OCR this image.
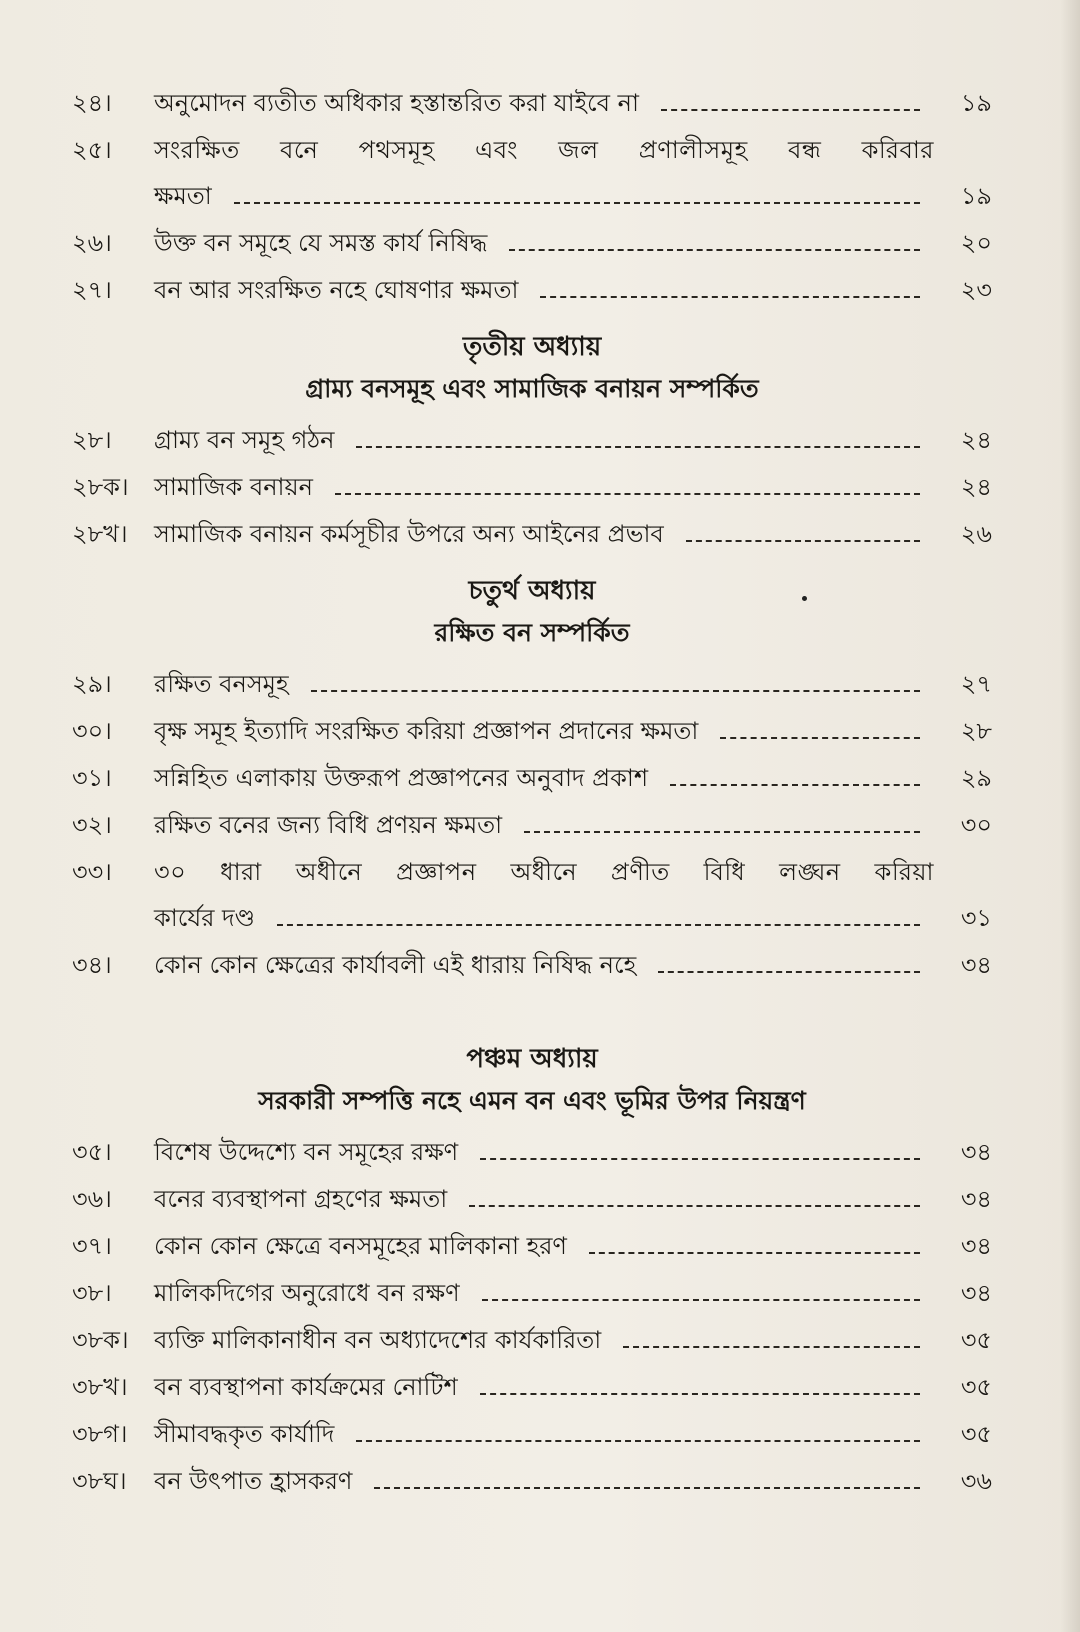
২৪।	অনুমোদন ব্যতীত অধিকার হস্তান্তরিত করা যাইবে না	১৯
২৫।	সংরক্ষিত বনে পথসমূহ এবং জল প্রণালীসমূহ বন্ধ করিবার
ক্ষমতা	১৯
২৬।	উক্ত বন সমূহে যে সমস্ত কার্য নিষিদ্ধ	২০
২৭।	বন আর সংরক্ষিত নহে ঘোষণার ক্ষমতা	২৩
তৃতীয় অধ্যায়
গ্রাম্য বনসমূহ এবং সামাজিক বনায়ন সম্পর্কিত
২৮।	গ্রাম্য বন সমূহ গঠন	২৪
২৮ক।	সামাজিক বনায়ন	২৪
২৮খ।	সামাজিক বনায়ন কর্মসূচীর উপরে অন্য আইনের প্রভাব	২৬
চতুর্থ অধ্যায়
রক্ষিত বন সম্পর্কিত
২৯।	রক্ষিত বনসমূহ	২৭
৩০।	বৃক্ষ সমূহ ইত্যাদি সংরক্ষিত করিয়া প্রজ্ঞাপন প্রদানের ক্ষমতা	২৮
৩১।	সন্নিহিত এলাকায় উক্তরূপ প্রজ্ঞাপনের অনুবাদ প্রকাশ	২৯
৩২।	রক্ষিত বনের জন্য বিধি প্রণয়ন ক্ষমতা	৩০
৩৩।	৩০ ধারা অধীনে প্রজ্ঞাপন অধীনে প্রণীত বিধি লঙ্ঘন করিয়া
কার্যের দণ্ড	৩১
৩৪।	কোন কোন ক্ষেত্রের কার্যাবলী এই ধারায় নিষিদ্ধ নহে	৩৪
পঞ্চম অধ্যায়
সরকারী সম্পত্তি নহে এমন বন এবং ভূমির উপর নিয়ন্ত্রণ
৩৫।	বিশেষ উদ্দেশ্যে বন সমূহের রক্ষণ	৩৪
৩৬।	বনের ব্যবস্থাপনা গ্রহণের ক্ষমতা	৩৪
৩৭।	কোন কোন ক্ষেত্রে বনসমূহের মালিকানা হরণ	৩৪
৩৮।	মালিকদিগের অনুরোধে বন রক্ষণ	৩৪
৩৮ক।	ব্যক্তি মালিকানাধীন বন অধ্যাদেশের কার্যকারিতা	৩৫
৩৮খ।	বন ব্যবস্থাপনা কার্যক্রমের নোটিশ	৩৫
৩৮গ।	সীমাবদ্ধকৃত কার্যাদি	৩৫
৩৮ঘ।	বন উৎপাত হ্রাসকরণ	৩৬
